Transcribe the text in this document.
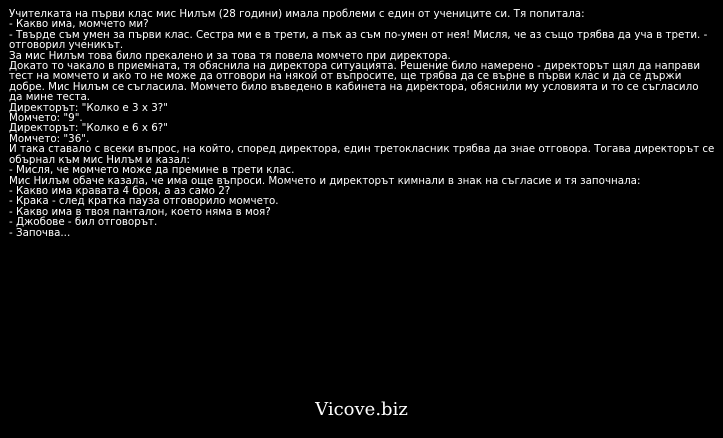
Учителката на първи клас мис Нилъм (28 години) имала проблеми с един от учениците си. Тя попитала:
- Какво има, момчето ми?
- Твърде съм умен за първи клас. Сестра ми е в трети, а пък аз съм по-умен от нея! Мисля, че аз също трябва да уча в трети. - отговорил ученикът.
За мис Нилъм това било прекалено и за това тя повела момчето при директора.
Докато то чакало в приемната, тя обяснила на директора ситуацията. Решение било намерено - директорът щял да направи тест на момчето и ако то не може да отговори на някой от въпросите, ще трябва да се върне в първи клас и да се държи добре. Мис Нилъм се съгласила. Момчето било въведено в кабинета на директора, обяснили му условията и то се съгласило да мине теста.
Директорът: "Колко е 3 х 3?"
Момчето: "9".
Директорът: "Колко е 6 х 6?"
Момчето: "36".
И така ставало с всеки въпрос, на който, според директора, един третокласник трябва да знае отговора. Тогава директорът се обърнал към мис Нилъм и казал:
- Мисля, че момчето може да премине в трети клас.
Мис Нилъм обаче казала, че има още въпроси. Момчето и директорът кимнали в знак на съгласие и тя започнала:
- Какво има кравата 4 броя, а аз само 2?
- Крака - след кратка пауза отговорило момчето.
- Какво има в твоя панталон, което няма в моя?
- Джобове - бил отговорът.
- Започва...
Vicove.biz
